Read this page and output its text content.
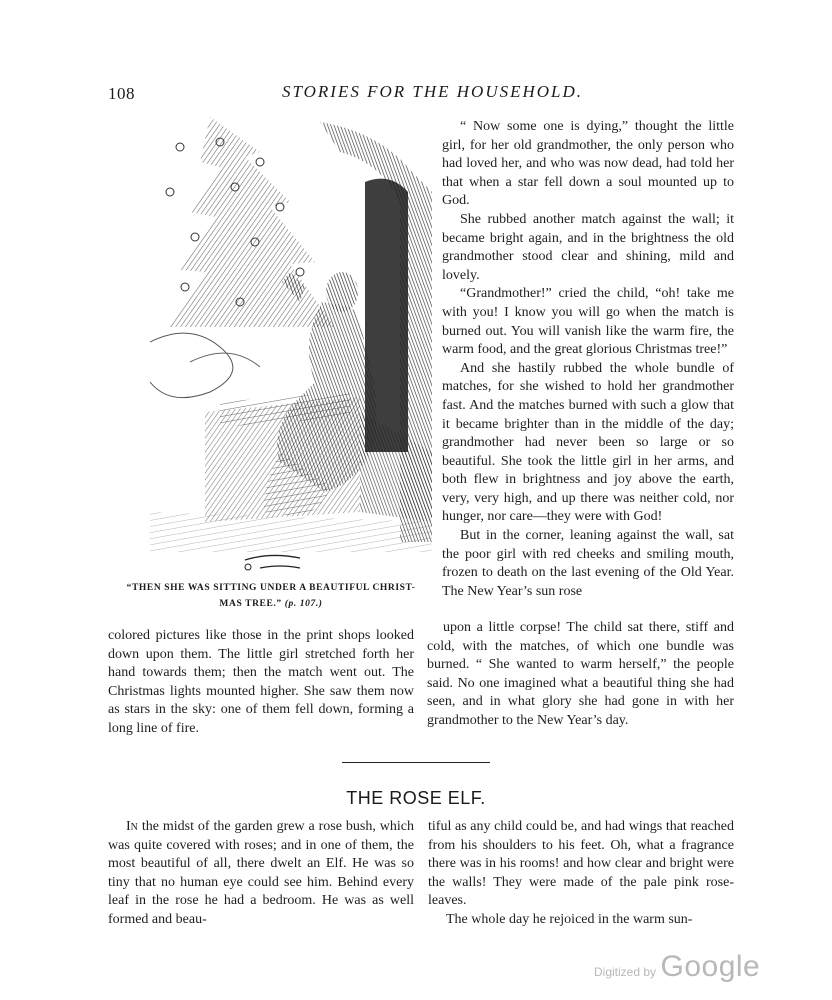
108	STORIES FOR THE HOUSEHOLD.
“THEN SHE WAS SITTING UNDER A BEAUTIFUL CHRIST-
MAS TREE.” (p. 107.)

“ Now some one is dying,” thought the little girl, for her old grandmother, the only person who had loved her, and who was now dead, had told her that when a star fell down a soul mounted up to God.

She rubbed another match against the wall; it became bright again, and in the brightness the old grandmother stood clear and shining, mild and lovely.

“Grandmother!” cried the child, “oh! take me with you! I know you will go when the match is burned out. You will vanish like the warm fire, the warm food, and the great glorious Christmas tree!”

And she hastily rubbed the whole bundle of matches, for she wished to hold her grandmother fast. And the matches burned with such a glow that it became brighter than in the middle of the day; grandmother had never been so large or so beautiful. She took the little girl in her arms, and both flew in brightness and joy above the earth, very, very high, and up there was neither cold, nor hunger, nor care—they were with God!

But in the corner, leaning against the wall, sat the poor girl with red cheeks and smiling mouth, frozen to death on the last evening of the Old Year. The New Year’s sun rose

upon a little corpse! The child sat there, stiff and cold, with the matches, of which one bundle was burned. “ She wanted to warm herself,” the people said. No one imagined what a beautiful thing she had seen, and in what glory she had gone in with her grandmother to the New Year’s day.

colored pictures like those in the print shops looked down upon them. The little girl stretched forth her hand towards them; then the match went out. The Christmas lights mounted higher. She saw them now as stars in the sky: one of them fell down, forming a long line of fire.

THE ROSE ELF.

In the midst of the garden grew a rose bush, which was quite covered with roses; and in one of them, the most beautiful of all, there dwelt an Elf. He was so tiny that no human eye could see him. Behind every leaf in the rose he had a bedroom. He was as well formed and beau-

tiful as any child could be, and had wings that reached from his shoulders to his feet. Oh, what a fragrance there was in his rooms! and how clear and bright were the walls! They were made of the pale pink rose-leaves.

The whole day he rejoiced in the warm sun-

Digitized by Google
